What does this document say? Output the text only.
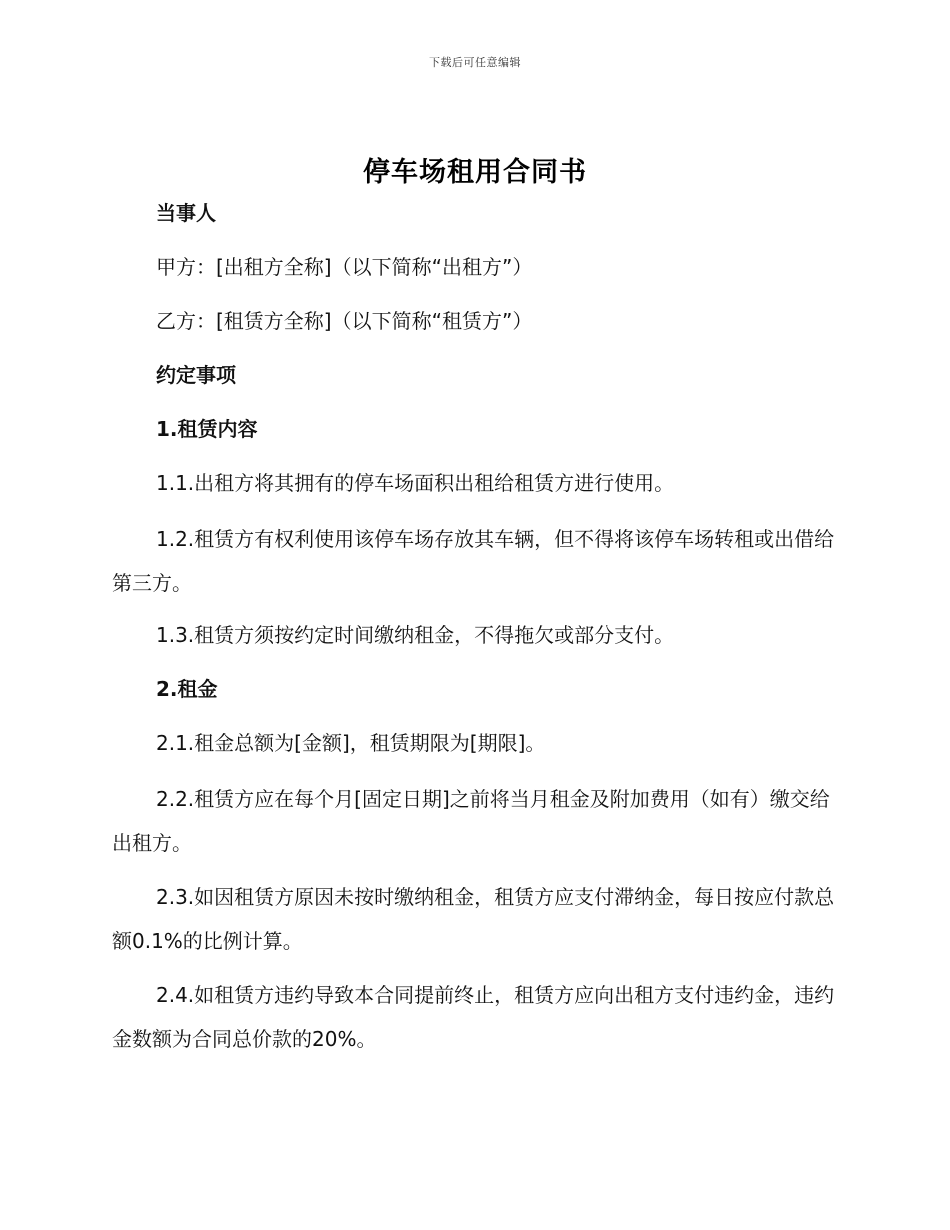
下载后可任意编辑
停车场租用合同书
当事人
甲方：[出租方全称]（以下简称“出租方”）
乙方：[租赁方全称]（以下简称“租赁方”）
约定事项
1.租赁内容
1.1.出租方将其拥有的停车场面积出租给租赁方进行使用。
1.2.租赁方有权利使用该停车场存放其车辆，但不得将该停车场转租或出借给第三方。
1.3.租赁方须按约定时间缴纳租金，不得拖欠或部分支付。
2.租金
2.1.租金总额为[金额]，租赁期限为[期限]。
2.2.租赁方应在每个月[固定日期]之前将当月租金及附加费用（如有）缴交给出租方。
2.3.如因租赁方原因未按时缴纳租金，租赁方应支付滞纳金，每日按应付款总额0.1%的比例计算。
2.4.如租赁方违约导致本合同提前终止，租赁方应向出租方支付违约金，违约金数额为合同总价款的20%。
